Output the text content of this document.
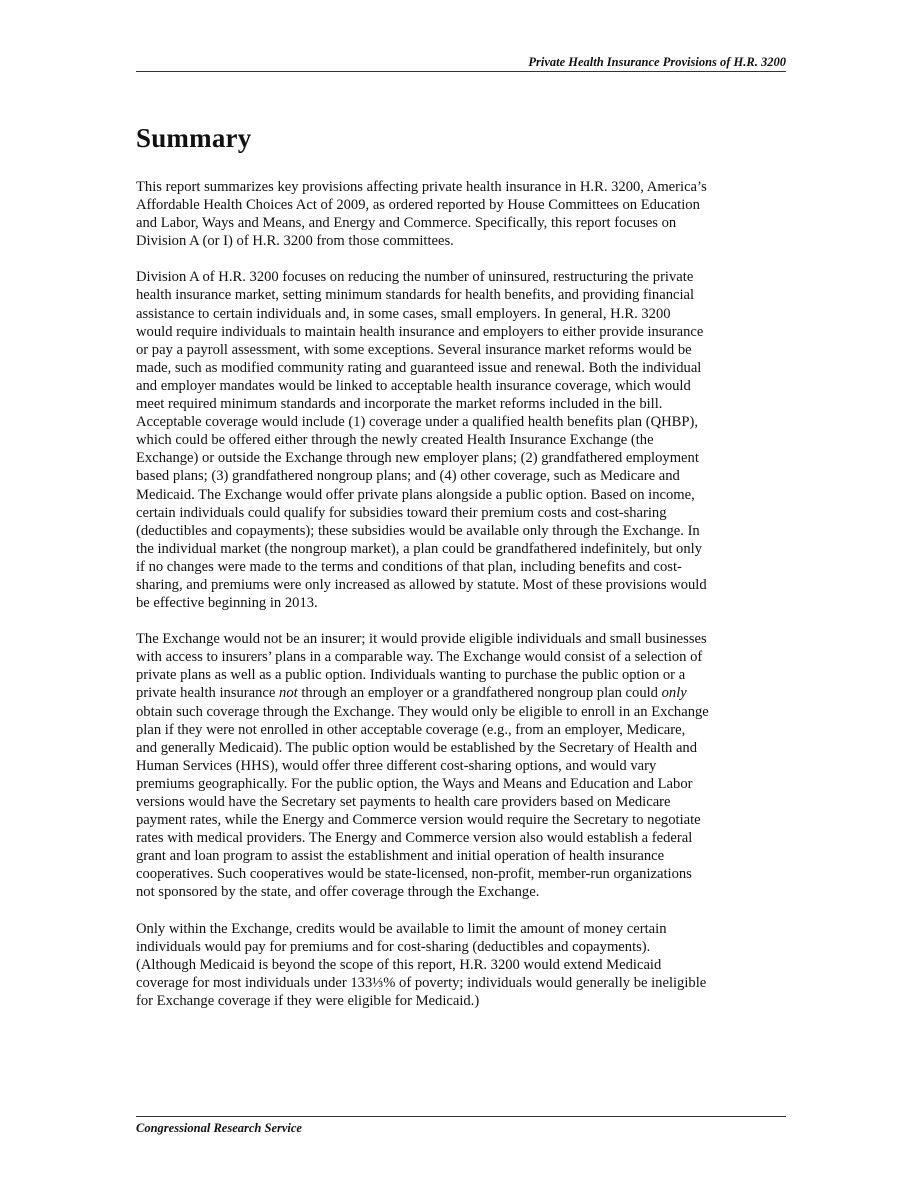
Private Health Insurance Provisions of H.R. 3200
Summary

This report summarizes key provisions affecting private health insurance in H.R. 3200, America’s
Affordable Health Choices Act of 2009, as ordered reported by House Committees on Education
and Labor, Ways and Means, and Energy and Commerce. Specifically, this report focuses on
Division A (or I) of H.R. 3200 from those committees.

Division A of H.R. 3200 focuses on reducing the number of uninsured, restructuring the private
health insurance market, setting minimum standards for health benefits, and providing financial
assistance to certain individuals and, in some cases, small employers. In general, H.R. 3200
would require individuals to maintain health insurance and employers to either provide insurance
or pay a payroll assessment, with some exceptions. Several insurance market reforms would be
made, such as modified community rating and guaranteed issue and renewal. Both the individual
and employer mandates would be linked to acceptable health insurance coverage, which would
meet required minimum standards and incorporate the market reforms included in the bill.
Acceptable coverage would include (1) coverage under a qualified health benefits plan (QHBP),
which could be offered either through the newly created Health Insurance Exchange (the
Exchange) or outside the Exchange through new employer plans; (2) grandfathered employment
based plans; (3) grandfathered nongroup plans; and (4) other coverage, such as Medicare and
Medicaid. The Exchange would offer private plans alongside a public option. Based on income,
certain individuals could qualify for subsidies toward their premium costs and cost-sharing
(deductibles and copayments); these subsidies would be available only through the Exchange. In
the individual market (the nongroup market), a plan could be grandfathered indefinitely, but only
if no changes were made to the terms and conditions of that plan, including benefits and cost-
sharing, and premiums were only increased as allowed by statute. Most of these provisions would
be effective beginning in 2013.

The Exchange would not be an insurer; it would provide eligible individuals and small businesses
with access to insurers’ plans in a comparable way. The Exchange would consist of a selection of
private plans as well as a public option. Individuals wanting to purchase the public option or a
private health insurance not through an employer or a grandfathered nongroup plan could only
obtain such coverage through the Exchange. They would only be eligible to enroll in an Exchange
plan if they were not enrolled in other acceptable coverage (e.g., from an employer, Medicare,
and generally Medicaid). The public option would be established by the Secretary of Health and
Human Services (HHS), would offer three different cost-sharing options, and would vary
premiums geographically. For the public option, the Ways and Means and Education and Labor
versions would have the Secretary set payments to health care providers based on Medicare
payment rates, while the Energy and Commerce version would require the Secretary to negotiate
rates with medical providers. The Energy and Commerce version also would establish a federal
grant and loan program to assist the establishment and initial operation of health insurance
cooperatives. Such cooperatives would be state-licensed, non-profit, member-run organizations
not sponsored by the state, and offer coverage through the Exchange.

Only within the Exchange, credits would be available to limit the amount of money certain
individuals would pay for premiums and for cost-sharing (deductibles and copayments).
(Although Medicaid is beyond the scope of this report, H.R. 3200 would extend Medicaid
coverage for most individuals under 133⅓% of poverty; individuals would generally be ineligible
for Exchange coverage if they were eligible for Medicaid.)

Congressional Research Service
